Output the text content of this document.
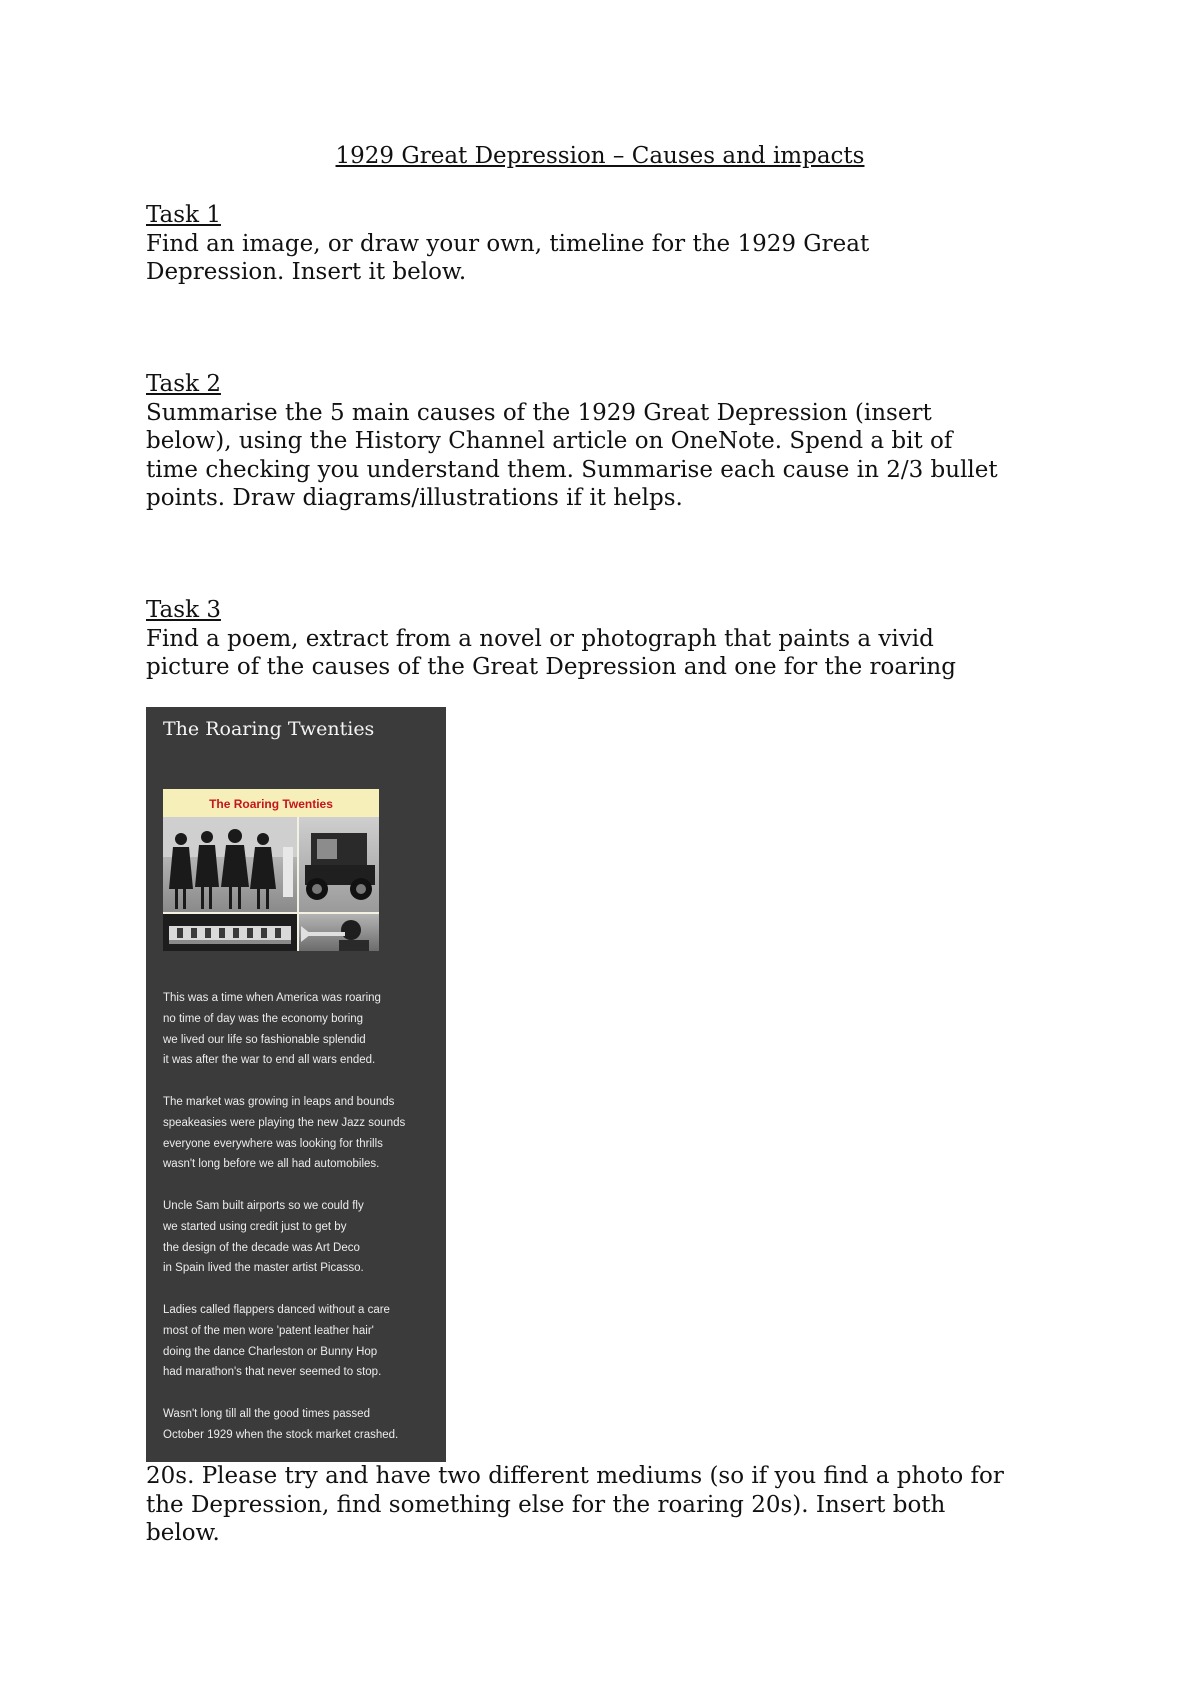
1929 Great Depression – Causes and impacts
Task 1

Find an image, or draw your own, timeline for the 1929 Great

Depression. Insert it below.

Task 2

Summarise the 5 main causes of the 1929 Great Depression (insert

below), using the History Channel article on OneNote. Spend a bit of

time checking you understand them. Summarise each cause in 2/3 bullet

points. Draw diagrams/illustrations if it helps.

Task 3

Find a poem, extract from a novel or photograph that paints a vivid

picture of the causes of the Great Depression and one for the roaring

The Roaring Twenties
The Roaring Twenties
This was a time when America was roaring
no time of day was the economy boring
we lived our life so fashionable splendid
it was after the war to end all wars ended.
The market was growing in leaps and bounds
speakeasies were playing the new Jazz sounds
everyone everywhere was looking for thrills
wasn't long before we all had automobiles.
Uncle Sam built airports so we could fly
we started using credit just to get by
the design of the decade was Art Deco
in Spain lived the master artist Picasso.
Ladies called flappers danced without a care
most of the men wore 'patent leather hair'
doing the dance Charleston or Bunny Hop
had marathon's that never seemed to stop.
Wasn't long till all the good times passed
October 1929 when the stock market crashed.

20s. Please try and have two different mediums (so if you find a photo for

the Depression, find something else for the roaring 20s). Insert both

below.
